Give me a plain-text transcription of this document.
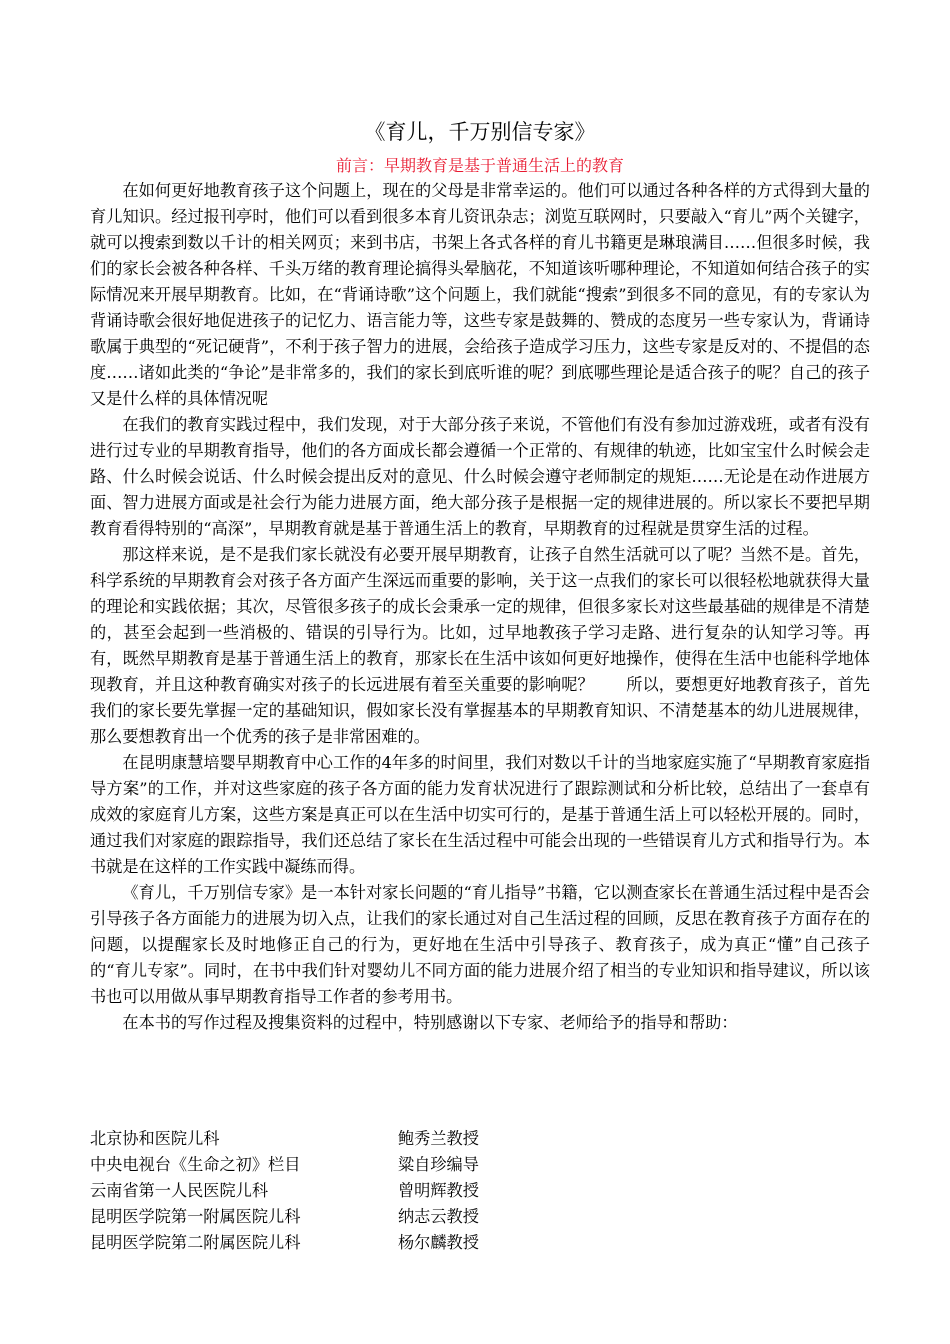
《育儿，千万别信专家》
前言：早期教育是基于普通生活上的教育

在如何更好地教育孩子这个问题上，现在的父母是非常幸运的。他们可以通过各种各样的方式得到大量的育儿知识。经过报刊亭时，他们可以看到很多本育儿资讯杂志；浏览互联网时，只要敲入“育儿”两个关键字，就可以搜索到数以千计的相关网页；来到书店，书架上各式各样的育儿书籍更是琳琅满目……但很多时候，我们的家长会被各种各样、千头万绪的教育理论搞得头晕脑花，不知道该听哪种理论，不知道如何结合孩子的实际情况来开展早期教育。比如，在“背诵诗歌”这个问题上，我们就能“搜索”到很多不同的意见，有的专家认为背诵诗歌会很好地促进孩子的记忆力、语言能力等，这些专家是鼓舞的、赞成的态度另一些专家认为，背诵诗歌属于典型的“死记硬背”，不利于孩子智力的进展，会给孩子造成学习压力，这些专家是反对的、不提倡的态度……诸如此类的“争论”是非常多的，我们的家长到底听谁的呢？到底哪些理论是适合孩子的呢？自己的孩子又是什么样的具体情况呢

在我们的教育实践过程中，我们发现，对于大部分孩子来说，不管他们有没有参加过游戏班，或者有没有进行过专业的早期教育指导，他们的各方面成长都会遵循一个正常的、有规律的轨迹，比如宝宝什么时候会走路、什么时候会说话、什么时候会提出反对的意见、什么时候会遵守老师制定的规矩……无论是在动作进展方面、智力进展方面或是社会行为能力进展方面，绝大部分孩子是根据一定的规律进展的。所以家长不要把早期教育看得特别的“高深”，早期教育就是基于普通生活上的教育，早期教育的过程就是贯穿生活的过程。

那这样来说，是不是我们家长就没有必要开展早期教育，让孩子自然生活就可以了呢？当然不是。首先，科学系统的早期教育会对孩子各方面产生深远而重要的影响，关于这一点我们的家长可以很轻松地就获得大量的理论和实践依据；其次，尽管很多孩子的成长会秉承一定的规律，但很多家长对这些最基础的规律是不清楚的，甚至会起到一些消极的、错误的引导行为。比如，过早地教孩子学习走路、进行复杂的认知学习等。再有，既然早期教育是基于普通生活上的教育，那家长在生活中该如何更好地操作，使得在生活中也能科学地体现教育，并且这种教育确实对孩子的长远进展有着至关重要的影响呢？　　所以，要想更好地教育孩子，首先我们的家长要先掌握一定的基础知识，假如家长没有掌握基本的早期教育知识、不清楚基本的幼儿进展规律，那么要想教育出一个优秀的孩子是非常困难的。

在昆明康慧培婴早期教育中心工作的4年多的时间里，我们对数以千计的当地家庭实施了“早期教育家庭指导方案”的工作，并对这些家庭的孩子各方面的能力发育状况进行了跟踪测试和分析比较，总结出了一套卓有成效的家庭育儿方案，这些方案是真正可以在生活中切实可行的，是基于普通生活上可以轻松开展的。同时，通过我们对家庭的跟踪指导，我们还总结了家长在生活过程中可能会出现的一些错误育儿方式和指导行为。本书就是在这样的工作实践中凝练而得。

《育儿，千万别信专家》是一本针对家长问题的“育儿指导”书籍，它以测查家长在普通生活过程中是否会引导孩子各方面能力的进展为切入点，让我们的家长通过对自己生活过程的回顾，反思在教育孩子方面存在的问题，以提醒家长及时地修正自己的行为，更好地在生活中引导孩子、教育孩子，成为真正“懂”自己孩子的“育儿专家”。同时，在书中我们针对婴幼儿不同方面的能力进展介绍了相当的专业知识和指导建议，所以该书也可以用做从事早期教育指导工作者的参考用书。

在本书的写作过程及搜集资料的过程中，特别感谢以下专家、老师给予的指导和帮助：

北京协和医院儿科	鲍秀兰教授
中央电视台《生命之初》栏目	粱自珍编导
云南省第一人民医院儿科	曾明辉教授
昆明医学院第一附属医院儿科	纳志云教授
昆明医学院第二附属医院儿科	杨尔麟教授
